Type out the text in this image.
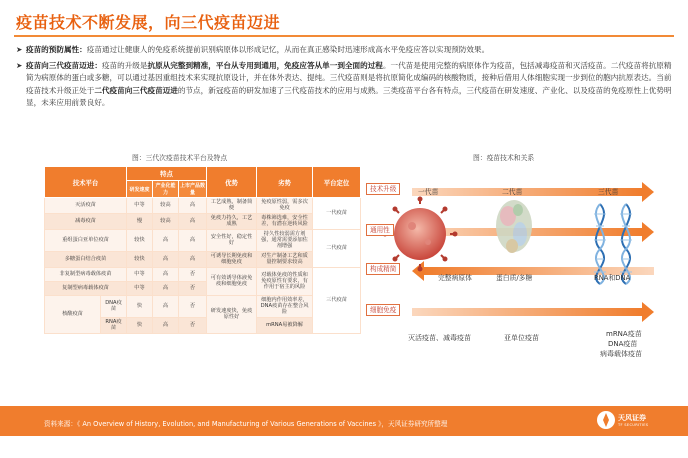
疫苗技术不断发展，向三代疫苗迈进
➤ 疫苗的预防属性：疫苗通过让健康人的免疫系统提前识别病原体以形成记忆，从而在真正感染时迅速形成高水平免疫应答以实现预防效果。
➤ 疫苗向三代疫苗迈进：疫苗的升级是抗原从完整到精准，平台从专用到通用，免疫应答从单一到全面的过程。一代苗是使用完整的病原体作为疫苗，包括减毒疫苗和灭活疫苗。二代疫苗将抗原精简为病原体的蛋白或多糖，可以通过基因重组技术来实现抗原设计，并在体外表达、提纯。三代疫苗则是将抗原简化成编码的核酸物质，接种后借用人体细胞实现一步到位的胞内抗原表达。当前疫苗技术升级正处于二代疫苗向三代疫苗迈进的节点，新冠疫苗的研发加速了三代疫苗技术的应用与成熟。三类疫苗平台各有特点，三代疫苗在研发速度、产业化、以及疫苗的免疫原性上优势明显，未来应用前景良好。
图：三代次疫苗技术平台及特点	图：疫苗技术和关系
技术平台		特点			优势	劣势	平台定位
		研发速度	产业化能力	上市产品数量			
灭活疫苗		中等	较高	高	工艺成熟，制备简便	免疫原性弱，需多次免疫	一代疫苗
减毒疫苗		慢	较高	高	免疫力持久，工艺成熟	毒株筛选难，安全性差，有潜在逆转风险	
重组蛋白亚单位疫苗		较快	高	高	安全性好，稳定性好	持久性较弱需方剂强，通常需要添加佐剂增强	二代疫苗
多糖蛋白结合疫苗		较快	高	高	可诱导长期免疫和细胞免疫	对生产制备工艺和质量控制要求较高	
非复制型病毒载体疫苗		中等	高	否	可有效诱导体液免疫和细胞免疫	对载体免疫的性质和免疫原性有要求，有作用于宿主的风险	三代疫苗
复制型病毒载体疫苗		中等	高	否			
核酸疫苗	DNA疫苗	快	高	否	研发速度快，免疫原性好	细胞内作用效率差，DNA疫苗存在整合风险	
	RNA疫苗	快	高	否		mRNA易被降解	
技术升级
通用性
构成精简
细胞免疫
一代苗	二代苗	三代苗
完整病原体	蛋白质/多糖	RNA和DNA
灭活疫苗、减毒疫苗	亚单位疫苗	mRNA疫苗
DNA疫苗
病毒载体疫苗
资料来源：《 An Overview of History, Evolution, and Manufacturing of Various Generations of Vaccines 》，天风证券研究所整理
天风证券
TF SECURITIES
